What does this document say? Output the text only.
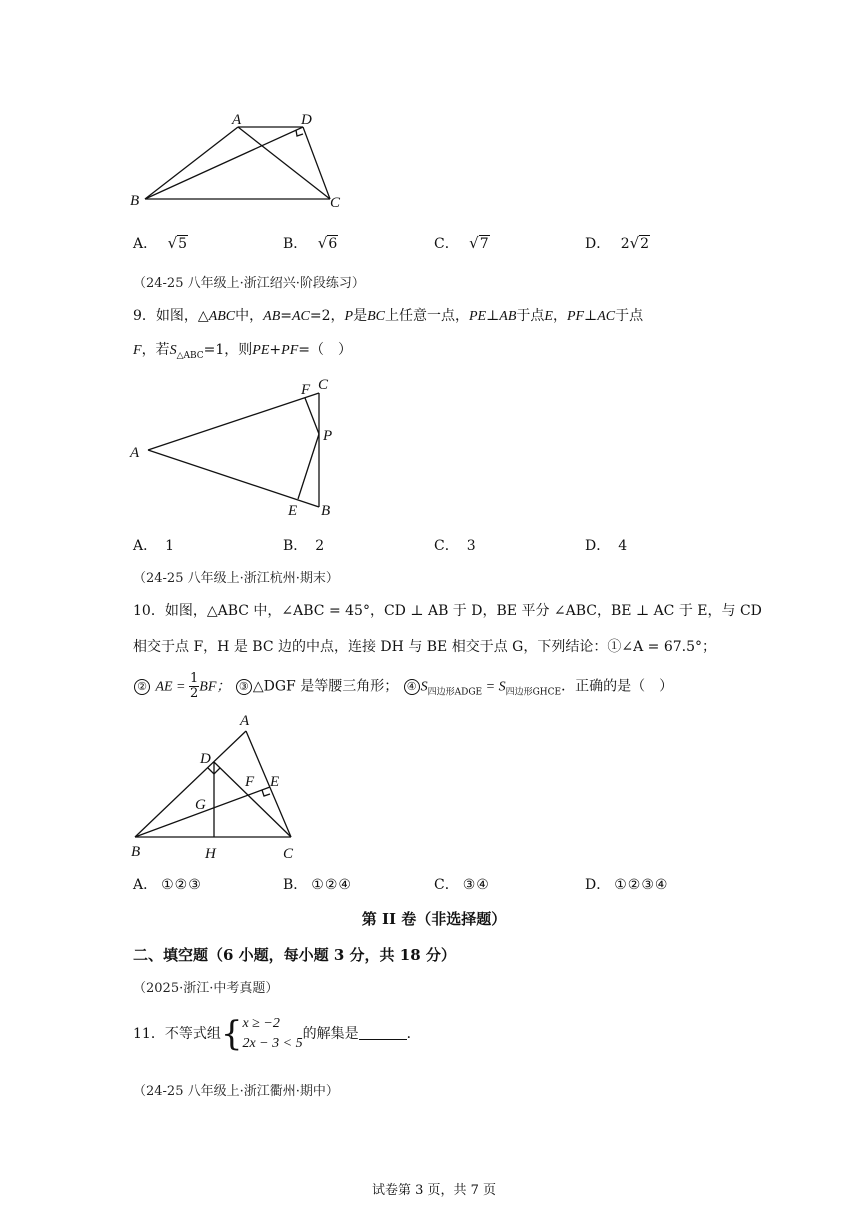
A	D
B	C
A． √5	B． √6	C． √7	D． 2√2
（24-25 八年级上·浙江绍兴·阶段练习）
9．如图，△ABC中，AB=AC=2，P是BC上任意一点，PE⊥AB于点E，PF⊥AC于点
F，若$S_{\triangle ABC}=1$，则PE+PF=（　）
A
F C
P
E B
A． 1	B． 2	C． 3	D． 4
（24-25 八年级上·浙江杭州·期末）
10．如图，△ABC 中，∠ABC = 45°，CD ⊥ AB 于 D，BE 平分 ∠ABC，BE ⊥ AC 于 E，与 CD
相交于点 F，H 是 BC 边的中点，连接 DH 与 BE 相交于点 G，下列结论：①∠A = 67.5°；
② AE = $\frac{1}{2}$ BF； ③ △DGF 是等腰三角形； ④ $S_{四边形ADGE} = S_{四边形GHCE}$．正确的是（　）
A
D
F E
G
B	H	C
A． ①②③	B． ①②④	C． ③④	D． ①②③④
第 II 卷（非选择题）
二、填空题（6 小题，每小题 3 分，共 18 分）
（2025·浙江·中考真题）
11．不等式组{ x ≥ −2
2x − 3 < 5
的解集是	．
（24-25 八年级上·浙江衢州·期中）
试卷第 3 页，共 7 页
